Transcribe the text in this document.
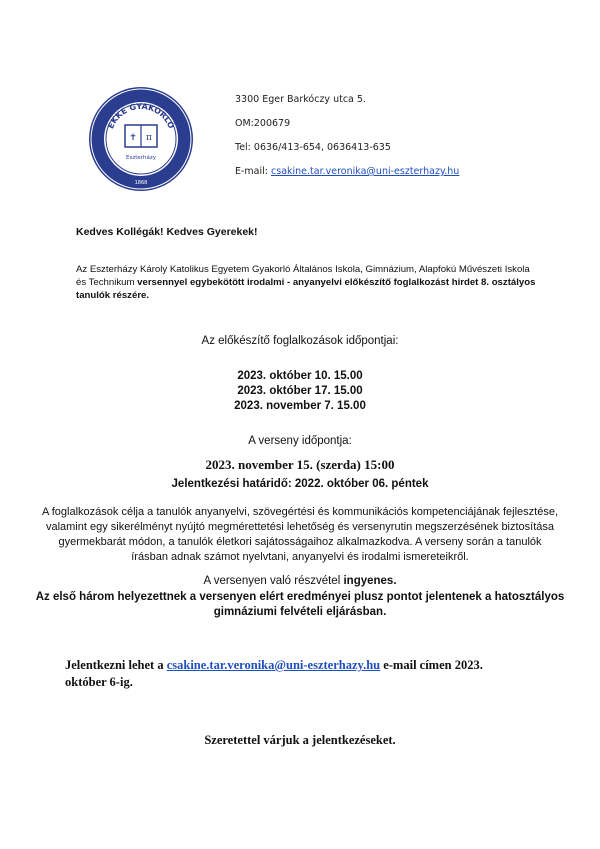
EKKE GYAKORLÓ
✝ π
Eszterházy
1868
3300 Eger Barkóczy utca 5.
OM:200679
Tel: 0636/413-654, 0636413-635
E-mail: csakine.tar.veronika@uni-eszterhazy.hu
Kedves Kollégák! Kedves Gyerekek!
Az Eszterházy Károly Katolikus Egyetem Gyakorló Általános Iskola, Gimnázium, Alapfokú Művészeti Iskola és Technikum versennyel egybekötött irodalmi - anyanyelvi előkészítő foglalkozást hirdet 8. osztályos tanulók részére.
Az előkészítő foglalkozások időpontjai:
2023. október 10. 15.00
2023. október 17. 15.00
2023. november 7. 15.00
A verseny időpontja:
2023. november 15. (szerda) 15:00
Jelentkezési határidő: 2022. október 06. péntek
A foglalkozások célja a tanulók anyanyelvi, szövegértési és kommunikációs kompetenciájának fejlesztése, valamint egy sikerélményt nyújtó megmérettetési lehetőség és versenyrutin megszerzésének biztosítása gyermekbarát módon, a tanulók életkori sajátosságaihoz alkalmazkodva. A verseny során a tanulók írásban adnak számot nyelvtani, anyanyelvi és irodalmi ismereteikről.
A versenyen való részvétel ingyenes.
Az első három helyezettnek a versenyen elért eredményei plusz pontot jelentenek a hatosztályos gimnáziumi felvételi eljárásban.
Jelentkezni lehet a csakine.tar.veronika@uni-eszterhazy.hu e-mail címen 2023. október 6-ig.
Szeretettel várjuk a jelentkezéseket.
